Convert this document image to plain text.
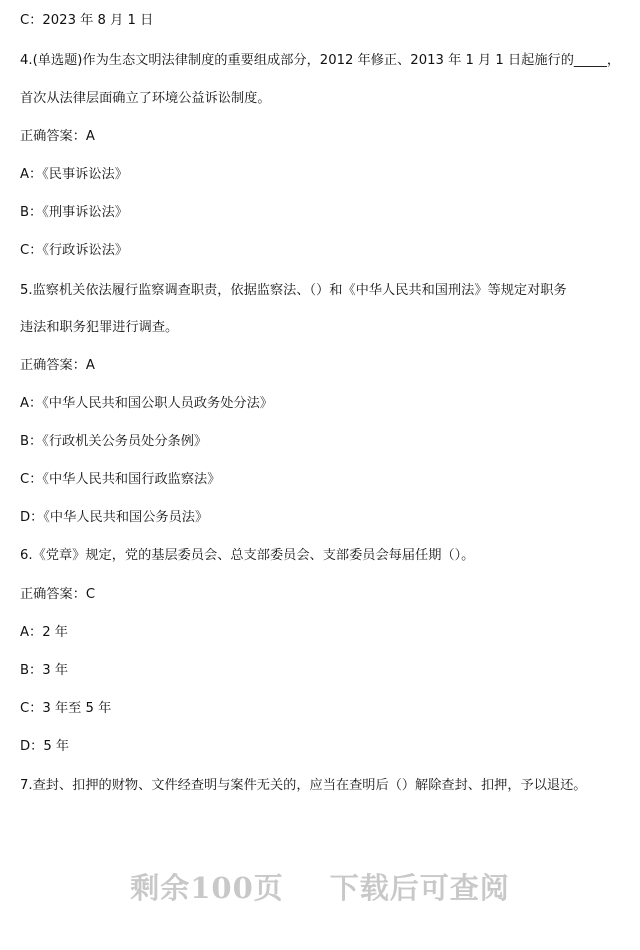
C：2023 年 8 月 1 日
4.(单选题)作为生态文明法律制度的重要组成部分，2012 年修正、2013 年 1 月 1 日起施行的_____，
首次从法律层面确立了环境公益诉讼制度。
正确答案：A
A：《民事诉讼法》
B：《刑事诉讼法》
C：《行政诉讼法》
5.监察机关依法履行监察调查职责，依据监察法、（）和《中华人民共和国刑法》等规定对职务
违法和职务犯罪进行调查。
正确答案：A
A：《中华人民共和国公职人员政务处分法》
B：《行政机关公务员处分条例》
C：《中华人民共和国行政监察法》
D：《中华人民共和国公务员法》
6.《党章》规定，党的基层委员会、总支部委员会、支部委员会每届任期（）。
正确答案：C
A：2 年
B：3 年
C：3 年至 5 年
D：5 年
7.查封、扣押的财物、文件经查明与案件无关的，应当在查明后（）解除查封、扣押，予以退还。
剩余100页 下载后可查阅
